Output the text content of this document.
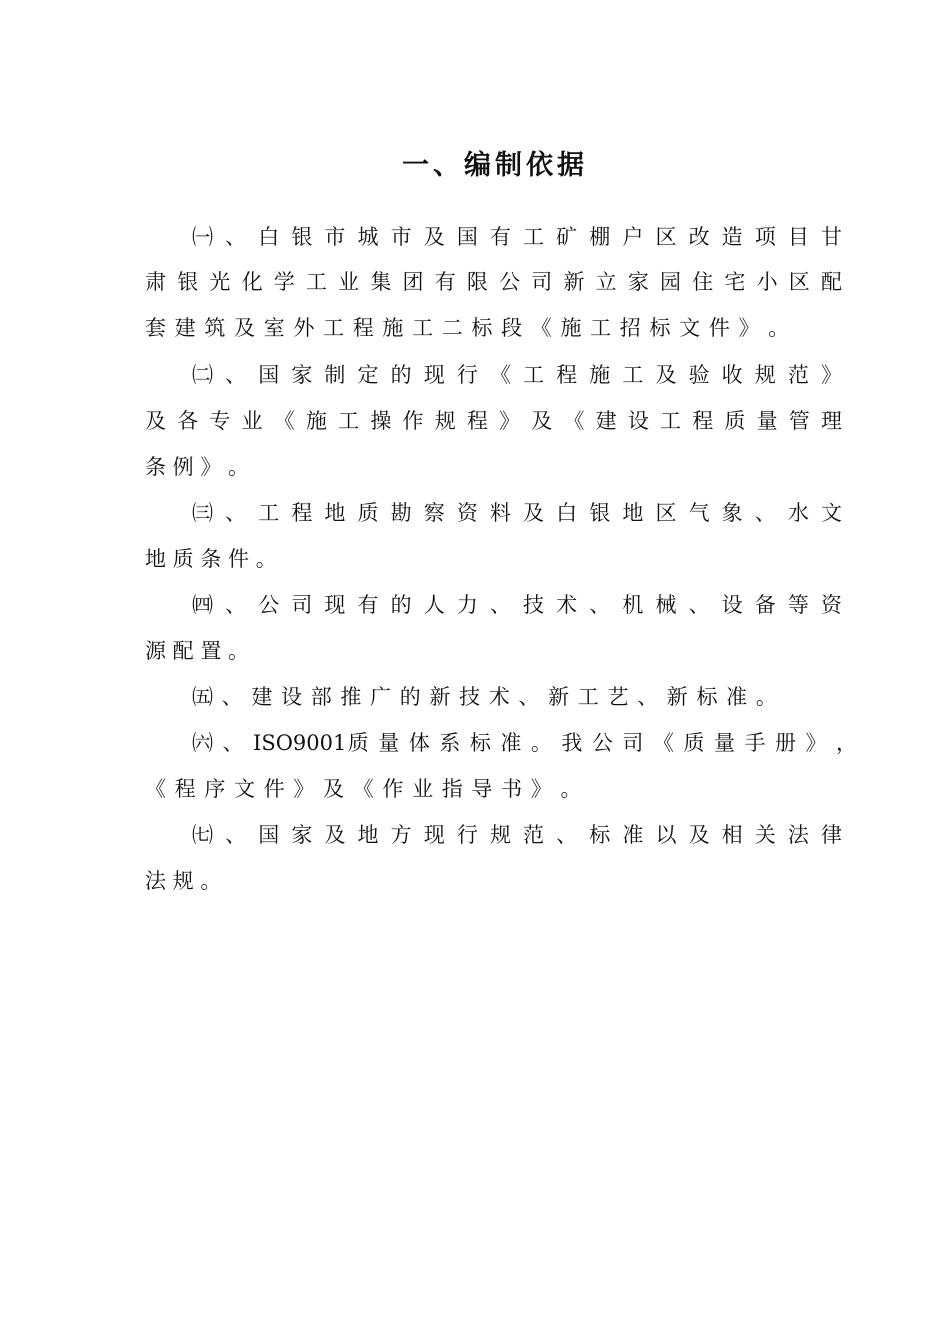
一、编制依据
㈠ 、 白 银 市 城 市 及 国 有 工 矿 棚 户 区 改 造 项 目 甘
肃 银 光 化 学 工 业 集 团 有 限 公 司 新 立 家 园 住 宅 小 区 配
套 建 筑 及 室 外 工 程 施 工 二 标 段 《 施 工 招 标 文 件 》 。
㈡ 、 国 家 制 定 的 现 行 《 工 程 施 工 及 验 收 规 范 》
及 各 专 业 《 施 工 操 作 规 程 》 及 《 建 设 工 程 质 量 管 理
条 例 》 。
㈢ 、 工 程 地 质 勘 察 资 料 及 白 银 地 区 气 象 、 水 文
地 质 条 件 。
㈣ 、 公 司 现 有 的 人 力 、 技 术 、 机 械 、 设 备 等 资
源 配 置 。
㈤ 、 建 设 部 推 广 的 新 技 术 、 新 工 艺 、 新 标 准 。
㈥ 、 ISO9001质 量 体 系 标 准 。 我 公 司 《 质 量 手 册 》 ，
《 程 序 文 件 》 及 《 作 业 指 导 书 》 。
㈦ 、 国 家 及 地 方 现 行 规 范 、 标 准 以 及 相 关 法 律
法 规 。
